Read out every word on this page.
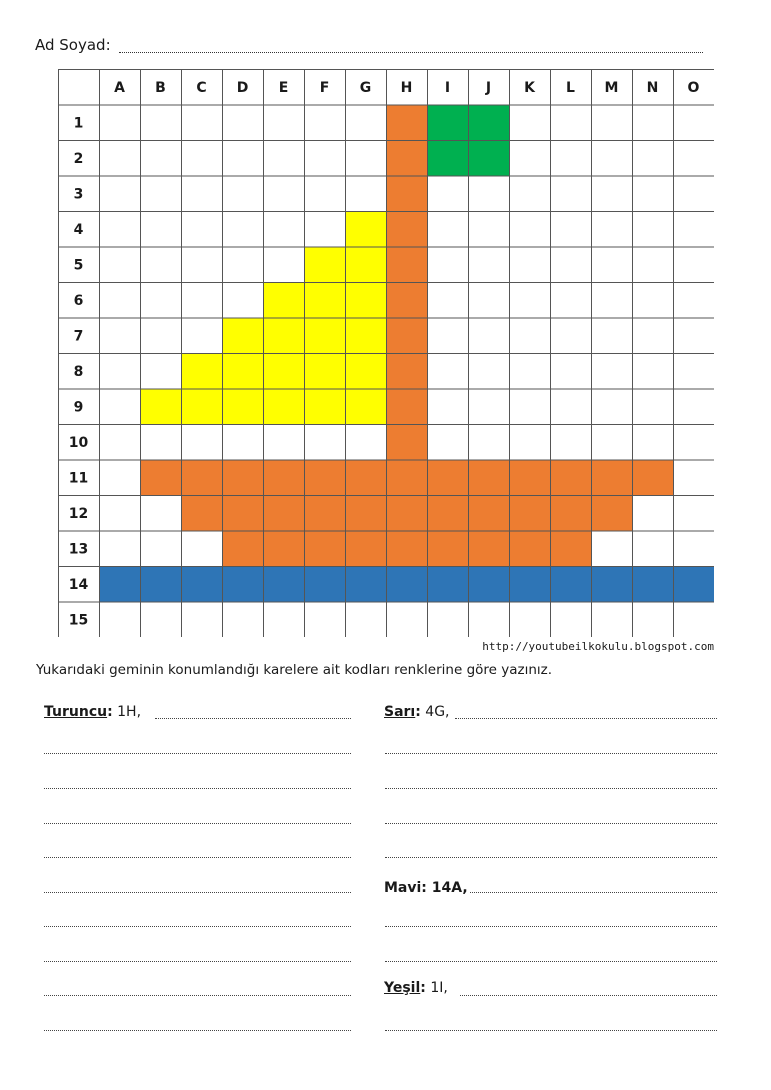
Ad Soyad:
A B C D E F G H I	J K L M N O
1
2
3
4
5
6
7
8
9
10
11
12
13
14
15
http://youtubeilkokulu.blogspot.com
Yukarıdaki geminin konumlandığı karelere ait kodları renklerine göre yazınız.
Turuncu: 1H,	Sarı: 4G,
Mavi: 14A,
Yeşil: 1I,
